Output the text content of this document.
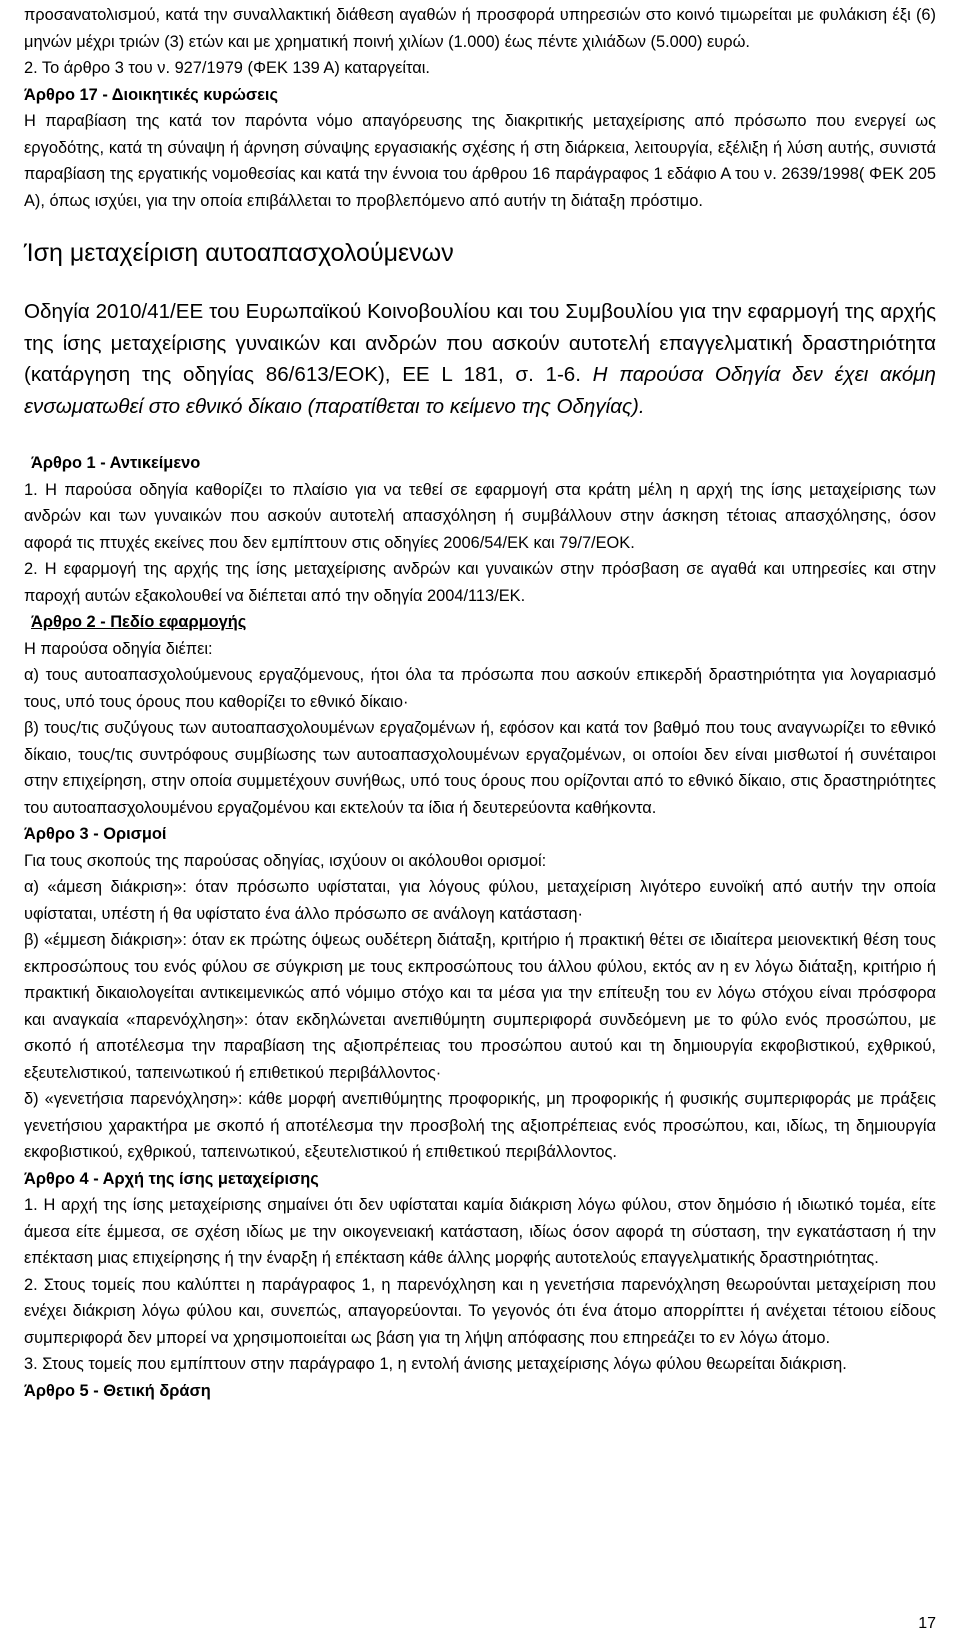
προσανατολισμού, κατά την συναλλακτική διάθεση αγαθών ή προσφορά υπηρεσιών στο κοινό τιμωρείται με φυλάκιση έξι (6) μηνών μέχρι τριών (3) ετών και με χρηματική ποινή χιλίων (1.000) έως πέντε χιλιάδων (5.000) ευρώ.

2. Το άρθρο 3 του ν. 927/1979 (ΦΕΚ 139 Α) καταργείται.

Άρθρο 17 - Διοικητικές κυρώσεις

Η παραβίαση της κατά τον παρόντα νόμο απαγόρευσης της διακριτικής μεταχείρισης από πρόσωπο που ενεργεί ως εργοδότης, κατά τη σύναψη ή άρνηση σύναψης εργασιακής σχέσης ή στη διάρκεια, λειτουργία, εξέλιξη ή λύση αυτής, συνιστά παραβίαση της εργατικής νομοθεσίας και κατά την έννοια του άρθρου 16 παράγραφος 1 εδάφιο Α του ν. 2639/1998( ΦΕΚ 205 Α), όπως ισχύει, για την οποία επιβάλλεται το προβλεπόμενο από αυτήν τη διάταξη πρόστιμο.

Ίση μεταχείριση αυτοαπασχολούμενων

Οδηγία 2010/41/ΕΕ του Ευρωπαϊκού Κοινοβουλίου και του Συμβουλίου για την εφαρμογή της αρχής της ίσης μεταχείρισης γυναικών και ανδρών που ασκούν αυτοτελή επαγγελματική δραστηριότητα (κατάργηση της οδηγίας 86/613/ΕΟΚ), ΕΕ L 181, σ. 1-6. Η παρούσα Οδηγία δεν έχει ακόμη ενσωματωθεί στο εθνικό δίκαιο (παρατίθεται το κείμενο της Οδηγίας).

Άρθρο 1 - Αντικείμενο

1. Η παρούσα οδηγία καθορίζει το πλαίσιο για να τεθεί σε εφαρμογή στα κράτη μέλη η αρχή της ίσης μεταχείρισης των ανδρών και των γυναικών που ασκούν αυτοτελή απασχόληση ή συμβάλλουν στην άσκηση τέτοιας απασχόλησης, όσον αφορά τις πτυχές εκείνες που δεν εμπίπτουν στις οδηγίες 2006/54/ΕΚ και 79/7/ΕΟΚ.

2. Η εφαρμογή της αρχής της ίσης μεταχείρισης ανδρών και γυναικών στην πρόσβαση σε αγαθά και υπηρεσίες και στην παροχή αυτών εξακολουθεί να διέπεται από την οδηγία 2004/113/ΕΚ.

Άρθρο 2 - Πεδίο εφαρμογής

Η παρούσα οδηγία διέπει:

α) τους αυτοαπασχολούμενους εργαζόμενους, ήτοι όλα τα πρόσωπα που ασκούν επικερδή δραστηριότητα για λογαριασμό τους, υπό τους όρους που καθορίζει το εθνικό δίκαιο·

β) τους/τις συζύγους των αυτοαπασχολουμένων εργαζομένων ή, εφόσον και κατά τον βαθμό που τους αναγνωρίζει το εθνικό δίκαιο, τους/τις συντρόφους συμβίωσης των αυτοαπασχολουμένων εργαζομένων, οι οποίοι δεν είναι μισθωτοί ή συνέταιροι στην επιχείρηση, στην οποία συμμετέχουν συνήθως, υπό τους όρους που ορίζονται από το εθνικό δίκαιο, στις δραστηριότητες του αυτοαπασχολουμένου εργαζομένου και εκτελούν τα ίδια ή δευτερεύοντα καθήκοντα.

Άρθρο 3 - Ορισμοί

Για τους σκοπούς της παρούσας οδηγίας, ισχύουν οι ακόλουθοι ορισμοί:

α) «άμεση διάκριση»: όταν πρόσωπο υφίσταται, για λόγους φύλου, μεταχείριση λιγότερο ευνοϊκή από αυτήν την οποία υφίσταται, υπέστη ή θα υφίστατο ένα άλλο πρόσωπο σε ανάλογη κατάσταση·

β) «έμμεση διάκριση»: όταν εκ πρώτης όψεως ουδέτερη διάταξη, κριτήριο ή πρακτική θέτει σε ιδιαίτερα μειονεκτική θέση τους εκπροσώπους του ενός φύλου σε σύγκριση με τους εκπροσώπους του άλλου φύλου, εκτός αν η εν λόγω διάταξη, κριτήριο ή πρακτική δικαιολογείται αντικειμενικώς από νόμιμο στόχο και τα μέσα για την επίτευξη του εν λόγω στόχου είναι πρόσφορα και αναγκαία «παρενόχληση»: όταν εκδηλώνεται ανεπιθύμητη συμπεριφορά συνδεόμενη με το φύλο ενός προσώπου, με σκοπό ή αποτέλεσμα την παραβίαση της αξιοπρέπειας του προσώπου αυτού και τη δημιουργία εκφοβιστικού, εχθρικού, εξευτελιστικού, ταπεινωτικού ή επιθετικού περιβάλλοντος·

δ) «γενετήσια παρενόχληση»: κάθε μορφή ανεπιθύμητης προφορικής, μη προφορικής ή φυσικής συμπεριφοράς με πράξεις γενετήσιου χαρακτήρα με σκοπό ή αποτέλεσμα την προσβολή της αξιοπρέπειας ενός προσώπου, και, ιδίως, τη δημιουργία εκφοβιστικού, εχθρικού, ταπεινωτικού, εξευτελιστικού ή επιθετικού περιβάλλοντος.

Άρθρο 4 - Αρχή της ίσης μεταχείρισης

1. Η αρχή της ίσης μεταχείρισης σημαίνει ότι δεν υφίσταται καμία διάκριση λόγω φύλου, στον δημόσιο ή ιδιωτικό τομέα, είτε άμεσα είτε έμμεσα, σε σχέση ιδίως με την οικογενειακή κατάσταση, ιδίως όσον αφορά τη σύσταση, την εγκατάσταση ή την επέκταση μιας επιχείρησης ή την έναρξη ή επέκταση κάθε άλλης μορφής αυτοτελούς επαγγελματικής δραστηριότητας.

2. Στους τομείς που καλύπτει η παράγραφος 1, η παρενόχληση και η γενετήσια παρενόχληση θεωρούνται μεταχείριση που ενέχει διάκριση λόγω φύλου και, συνεπώς, απαγορεύονται. Το γεγονός ότι ένα άτομο απορρίπτει ή ανέχεται τέτοιου είδους συμπεριφορά δεν μπορεί να χρησιμοποιείται ως βάση για τη λήψη απόφασης που επηρεάζει το εν λόγω άτομο.

3. Στους τομείς που εμπίπτουν στην παράγραφο 1, η εντολή άνισης μεταχείρισης λόγω φύλου θεωρείται διάκριση.

Άρθρο 5 - Θετική δράση

17
